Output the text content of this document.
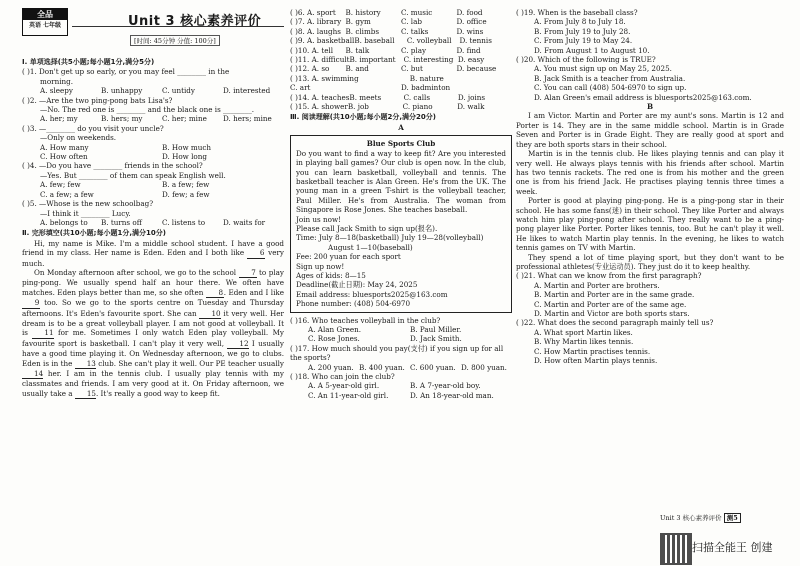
全品
英语 七年级	Unit 3 核心素养评价
[时间: 45分钟 分值: 100分]
Ⅰ. 单项选择(共5小题;每小题1分,满分5分)
( )1. Don't get up so early, or you may feel ________ in the
morning.
A. sleepy	B. unhappy	C. untidy	D. interested
( )2. —Are the two ping-pong bats Lisa's?
—No. The red one is ________ and the black one is ________.
A. her; my	B. hers; my	C. her; mine	D. hers; mine
( )3. —________ do you visit your uncle?
—Only on weekends.
A. How many	B. How much
C. How often	D. How long
( )4. —Do you have ________ friends in the school?
—Yes. But ________ of them can speak English well.
A. few; few	B. a few; few
C. a few; a few	D. few; a few
( )5. —Whose is the new schoolbag?
—I think it ________ Lucy.
A. belongs to	B. turns off	C. listens to	D. waits for
Ⅱ. 完形填空(共10小题;每小题1分,满分10分)

Hi, my name is Mike. I'm a middle school student. I have a good friend in my class. Her name is Eden. Eden and I both like 6 very much.

On Monday afternoon after school, we go to the school 7 to play ping-pong. We usually spend half an hour there. We often have matches. Eden plays better than me, so she often 8. Eden and I like 9 too. So we go to the sports centre on Tuesday and Thursday afternoons. It's Eden's favourite sport. She can 10 it very well. Her dream is to be a great volleyball player. I am not good at volleyball. It is 11 for me. Sometimes I only watch Eden play volleyball. My favourite sport is basketball. I can't play it very well, 12 I usually have a good time playing it. On Wednesday afternoon, we go to clubs. Eden is in the 13 club. She can't play it well. Our PE teacher usually 14 her. I am in the tennis club. I usually play tennis with my classmates and friends. I am very good at it. On Friday afternoon, we usually take a 15. It's really a good way to keep fit.

( )6. A. sport	B. history	C. music	D. food
( )7. A. library B. gym	C. lab	D. office
( )8. A. laughs B. climbs	C. talks	D. wins
( )9. A. basketball B. baseball	C. volleyball	D. tennis
( )10. A. tell	B. talk	C. play	D. find
( )11. A. difficult B. important	C. interesting D. easy
( )12. A. so	B. and	C. but	D. because
( )13. A. swimming	B. nature
C. art	D. badminton
( )14. A. teaches B. meets	C. calls	D. joins
( )15. A. shower B. job	C. piano	D. walk
Ⅲ. 阅读理解(共10小题;每小题2分,满分20分)
A
Blue Sports Club

Do you want to find a way to keep fit? Are you interested in playing ball games? Our club is open now. In the club, you can learn basketball, volleyball and tennis. The basketball teacher is Alan Green. He's from the UK. The young man in a green T-shirt is the volleyball teacher, Paul Miller. He's from Australia. The woman from Singapore is Rose Jones. She teaches baseball.

Join us now!
Please call Jack Smith to sign up(报名).
Time: July 8—18(basketball) July 19—28(volleyball)
August 1—10(baseball)
Fee: 200 yuan for each sport
Sign up now!
Ages of kids: 8—15
Deadline(截止日期): May 24, 2025
Email address: bluesports2025@163.com
Phone number: (408) 504-6970
( )16. Who teaches volleyball in the club?
A. Alan Green.	B. Paul Miller.
C. Rose Jones.	D. Jack Smith.
( )17. How much should you pay(支付) if you sign up for all the sports?
A. 200 yuan. B. 400 yuan. C. 600 yuan. D. 800 yuan.
( )18. Who can join the club?
A. A 5-year-old girl.	B. A 7-year-old boy.
C. An 11-year-old girl.	D. An 18-year-old man.
( )19. When is the baseball class?
A. From July 8 to July 18.
B. From July 19 to July 28.
C. From July 19 to May 24.
D. From August 1 to August 10.
( )20. Which of the following is TRUE?
A. You must sign up on May 25, 2025.
B. Jack Smith is a teacher from Australia.
C. You can call (408) 504-6970 to sign up.
D. Alan Green's email address is bluesports2025@163.com.
B

I am Victor. Martin and Porter are my aunt's sons. Martin is 12 and Porter is 14. They are in the same middle school. Martin is in Grade Seven and Porter is in Grade Eight. They are really good at sport and they are both sports stars in their school.

Martin is in the tennis club. He likes playing tennis and can play it very well. He always plays tennis with his friends after school. Martin has two tennis rackets. The red one is from his mother and the green one is from his friend Jack. He practises playing tennis three times a week.

Porter is good at playing ping-pong. He is a ping-pong star in their school. He has some fans(迷) in their school. They like Porter and always watch him play ping-pong after school. They really want to be a ping-pong player like Porter. Porter likes tennis, too. But he can't play it well. He likes to watch Martin play tennis. In the evening, he likes to watch tennis games on TV with Martin.

They spend a lot of time playing sport, but they don't want to be professional athletes(专业运动员). They just do it to keep healthy.

( )21. What can we know from the first paragraph?
A. Martin and Porter are brothers.
B. Martin and Porter are in the same grade.
C. Martin and Porter are of the same age.
D. Martin and Victor are both sports stars.
( )22. What does the second paragraph mainly tell us?
A. What sport Martin likes.
B. Why Martin likes tennis.
C. How Martin practises tennis.
D. How often Martin plays tennis.
Unit 3 核心素养评价 测5
扫描全能王 创建
